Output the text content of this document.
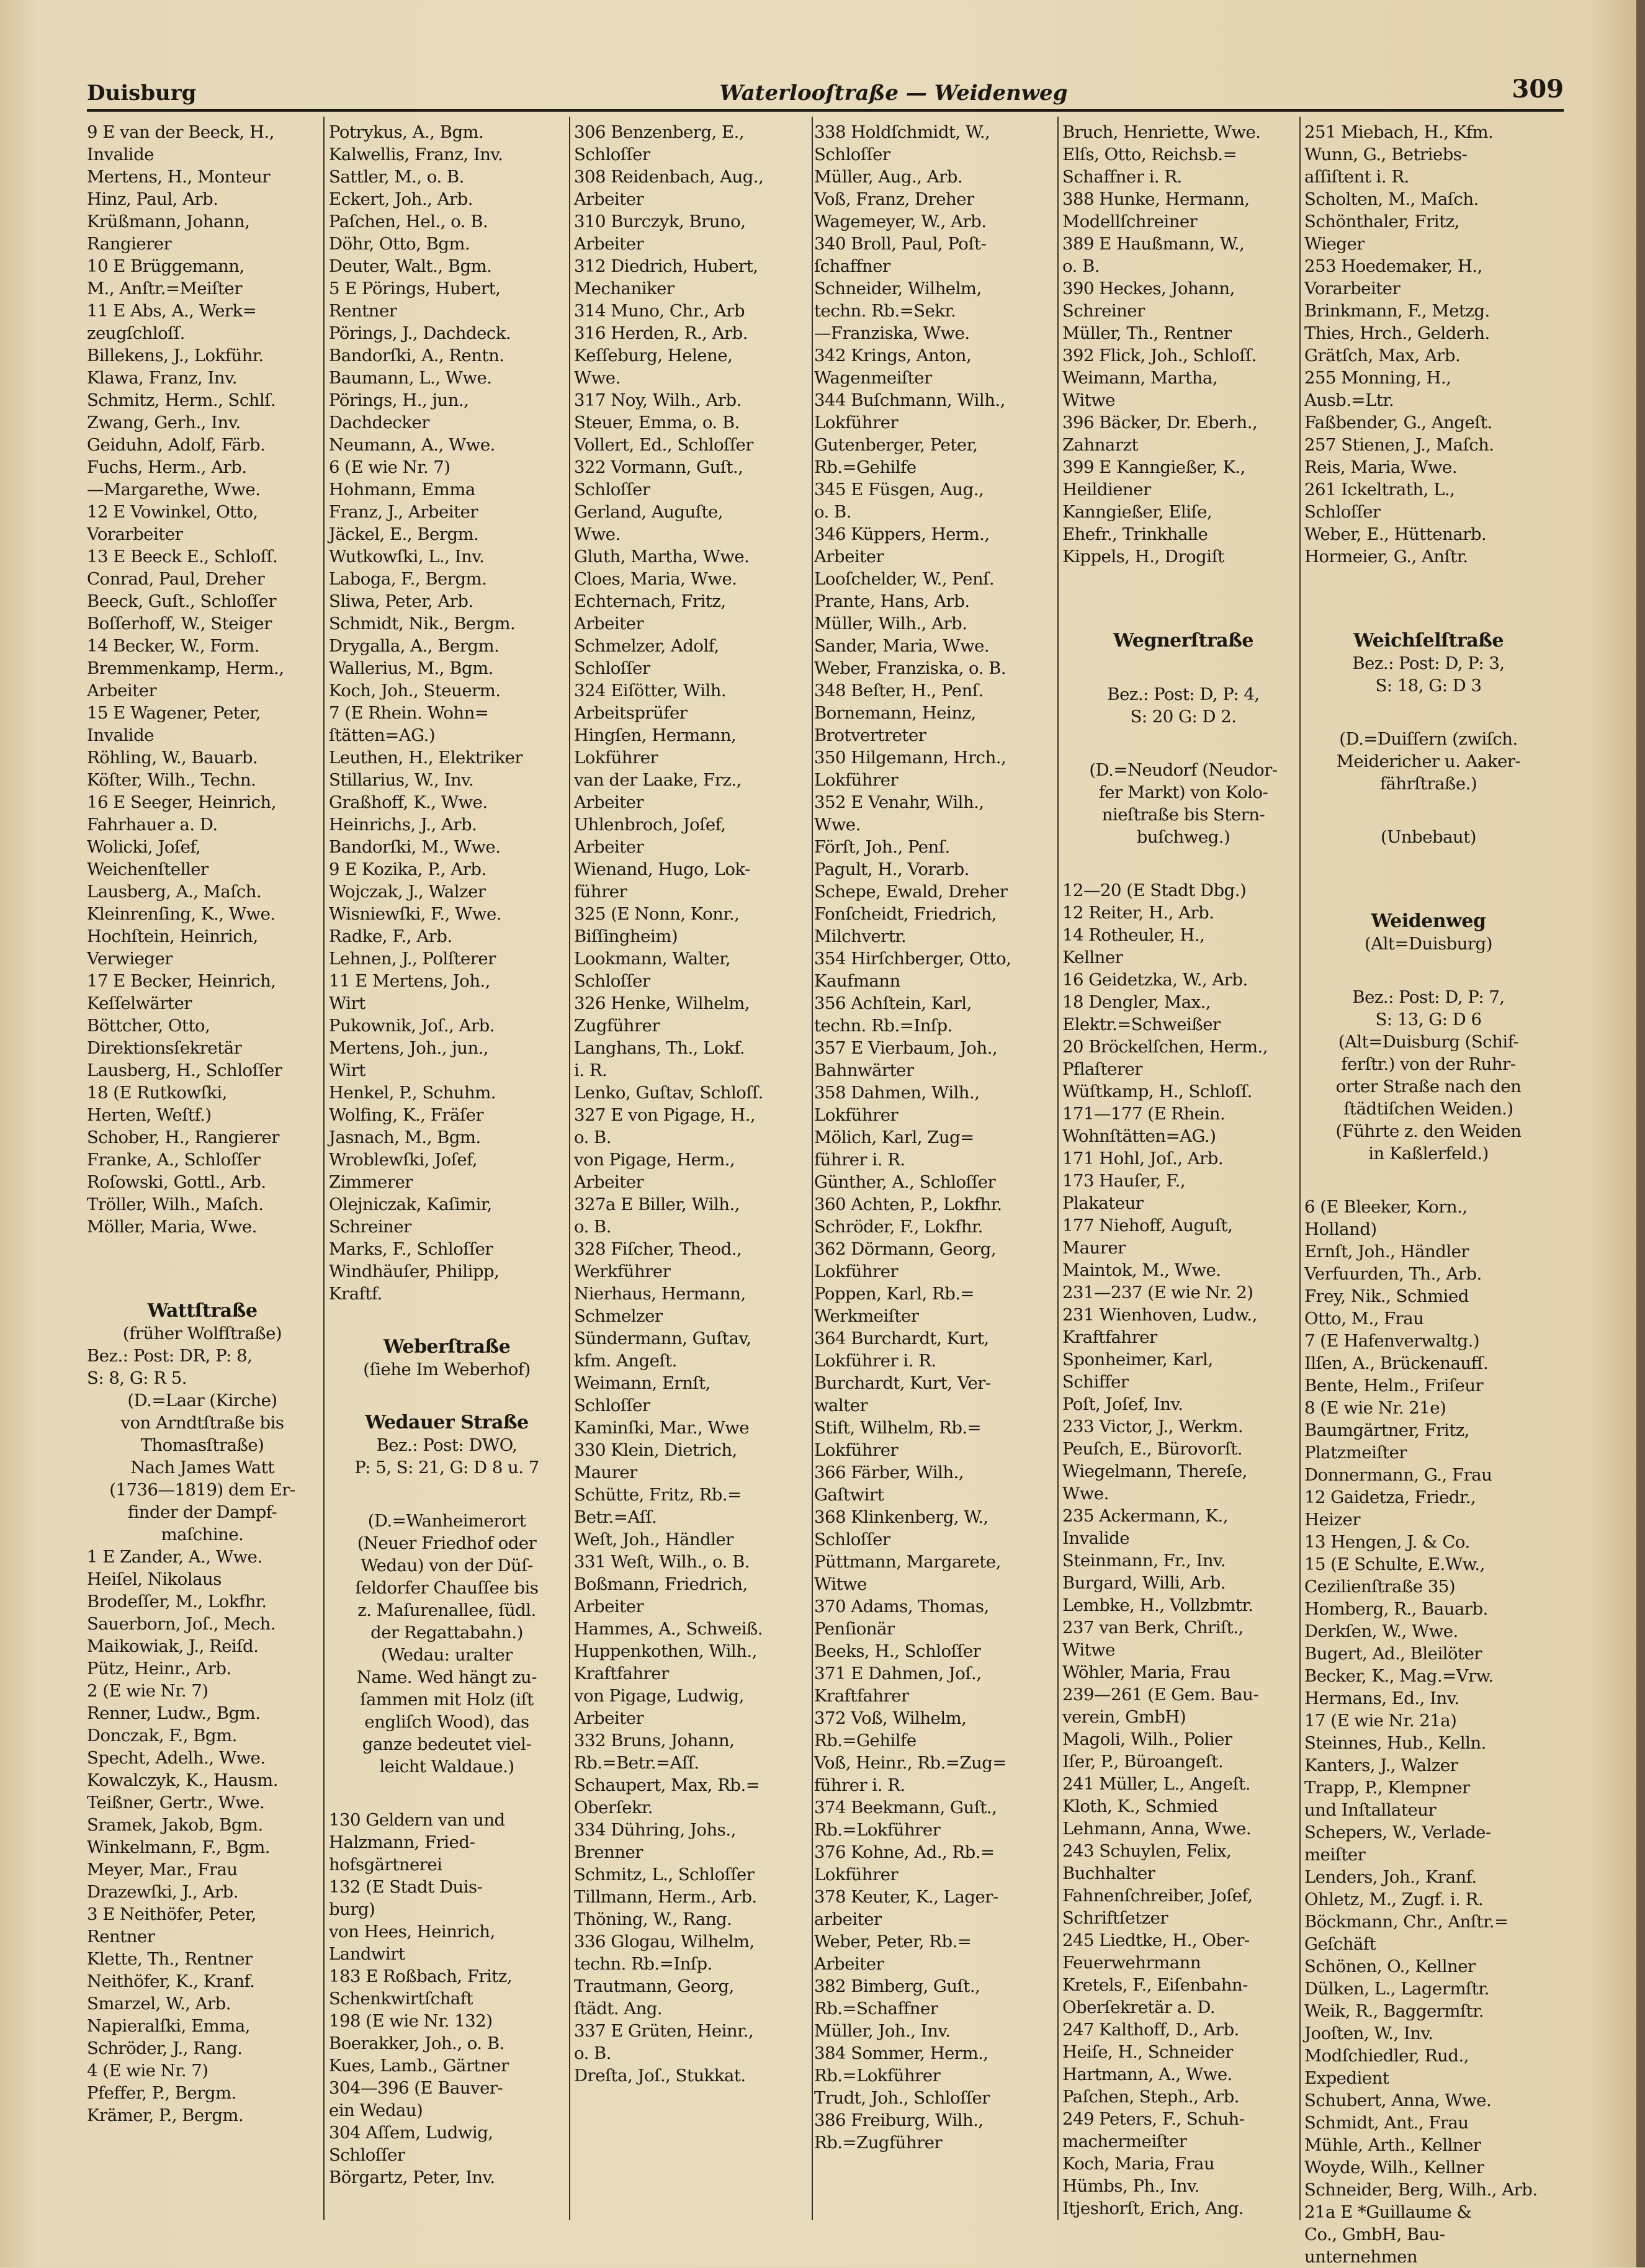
Duisburg	Waterlooſtraße — Weidenweg	309
9 E van der Beeck, H.,
Invalide
Mertens, H., Monteur
Hinz, Paul, Arb.
Krüßmann, Johann,
Rangierer
10 E Brüggemann,
M., Anſtr.=Meiſter
11 E Abs, A., Werk=
zeugſchloſſ.
Billekens, J., Lokführ.
Klawa, Franz, Inv.
Schmitz, Herm., Schlſ.
Zwang, Gerh., Inv.
Geiduhn, Adolf, Färb.
Fuchs, Herm., Arb.
—Margarethe, Wwe.
12 E Vowinkel, Otto,
Vorarbeiter
13 E Beeck E., Schloſſ.
Conrad, Paul, Dreher
Beeck, Guſt., Schloſſer
Boſſerhoff, W., Steiger
14 Becker, W., Form.
Bremmenkamp, Herm.,
Arbeiter
15 E Wagener, Peter,
Invalide
Röhling, W., Bauarb.
Köſter, Wilh., Techn.
16 E Seeger, Heinrich,
Fahrhauer a. D.
Wolicki, Joſef,
Weichenſteller
Lausberg, A., Maſch.
Kleinrenſing, K., Wwe.
Hochſtein, Heinrich,
Verwieger
17 E Becker, Heinrich,
Keſſelwärter
Böttcher, Otto,
Direktionsſekretär
Lausberg, H., Schloſſer
18 (E Rutkowſki,
Herten, Weſtf.)
Schober, H., Rangierer
Franke, A., Schloſſer
Roſowski, Gottl., Arb.
Tröller, Wilh., Maſch.
Möller, Maria, Wwe.
Wattſtraße
(früher Wolfſtraße)
Bez.: Post: DR, P: 8,
S: 8, G: R 5.
(D.=Laar (Kirche)
von Arndtſtraße bis
Thomasſtraße)
Nach James Watt
(1736—1819) dem Er-
finder der Dampf-
maſchine.
1 E Zander, A., Wwe.
Heiſel, Nikolaus
Brodeſſer, M., Lokfhr.
Sauerborn, Joſ., Mech.
Maikowiak, J., Reiſd.
Pütz, Heinr., Arb.
2 (E wie Nr. 7)
Renner, Ludw., Bgm.
Donczak, F., Bgm.
Specht, Adelh., Wwe.
Kowalczyk, K., Hausm.
Teißner, Gertr., Wwe.
Sramek, Jakob, Bgm.
Winkelmann, F., Bgm.
Meyer, Mar., Frau
Drazewſki, J., Arb.
3 E Neithöfer, Peter,
Rentner
Klette, Th., Rentner
Neithöfer, K., Kranf.
Smarzel, W., Arb.
Napieralſki, Emma,
Schröder, J., Rang.
4 (E wie Nr. 7)
Pfeffer, P., Bergm.
Krämer, P., Bergm.
Potrykus, A., Bgm.
Kalwellis, Franz, Inv.
Sattler, M., o. B.
Eckert, Joh., Arb.
Paſchen, Hel., o. B.
Döhr, Otto, Bgm.
Deuter, Walt., Bgm.
5 E Pörings, Hubert,
Rentner
Pörings, J., Dachdeck.
Bandorſki, A., Rentn.
Baumann, L., Wwe.
Pörings, H., jun.,
Dachdecker
Neumann, A., Wwe.
6 (E wie Nr. 7)
Hohmann, Emma
Franz, J., Arbeiter
Jäckel, E., Bergm.
Wutkowſki, L., Inv.
Laboga, F., Bergm.
Sliwa, Peter, Arb.
Schmidt, Nik., Bergm.
Drygalla, A., Bergm.
Wallerius, M., Bgm.
Koch, Joh., Steuerm.
7 (E Rhein. Wohn=
ſtätten=AG.)
Leuthen, H., Elektriker
Stillarius, W., Inv.
Graßhoff, K., Wwe.
Heinrichs, J., Arb.
Bandorſki, M., Wwe.
9 E Kozika, P., Arb.
Wojczak, J., Walzer
Wisniewſki, F., Wwe.
Radke, F., Arb.
Lehnen, J., Polſterer
11 E Mertens, Joh.,
Wirt
Pukownik, Joſ., Arb.
Mertens, Joh., jun.,
Wirt
Henkel, P., Schuhm.
Wolfing, K., Fräſer
Jasnach, M., Bgm.
Wroblewſki, Joſef,
Zimmerer
Olejniczak, Kaſimir,
Schreiner
Marks, F., Schloſſer
Windhäuſer, Philipp,
Kraftf.
Weberſtraße
(ſiehe Im Weberhof)
Wedauer Straße
Bez.: Post: DWO,
P: 5, S: 21, G: D 8 u. 7
(D.=Wanheimerort
(Neuer Friedhof oder
Wedau) von der Düſ-
ſeldorfer Chauſſee bis
z. Maſurenallee, ſüdl.
der Regattabahn.)
(Wedau: uralter
Name. Wed hängt zu-
ſammen mit Holz (iſt
engliſch Wood), das
ganze bedeutet viel-
leicht Waldaue.)
130 Geldern van und
Halzmann, Fried-
hofsgärtnerei
132 (E Stadt Duis-
burg)
von Hees, Heinrich,
Landwirt
183 E Roßbach, Fritz,
Schenkwirtſchaft
198 (E wie Nr. 132)
Boerakker, Joh., o. B.
Kues, Lamb., Gärtner
304—396 (E Bauver-
ein Wedau)
304 Aſſem, Ludwig,
Schloſſer
Börgartz, Peter, Inv.
306 Benzenberg, E.,
Schloſſer
308 Reidenbach, Aug.,
Arbeiter
310 Burczyk, Bruno,
Arbeiter
312 Diedrich, Hubert,
Mechaniker
314 Muno, Chr., Arb
316 Herden, R., Arb.
Keſſeburg, Helene,
Wwe.
317 Noy, Wilh., Arb.
Steuer, Emma, o. B.
Vollert, Ed., Schloſſer
322 Vormann, Guſt.,
Schloſſer
Gerland, Auguſte,
Wwe.
Gluth, Martha, Wwe.
Cloes, Maria, Wwe.
Echternach, Fritz,
Arbeiter
Schmelzer, Adolf,
Schloſſer
324 Eiſötter, Wilh.
Arbeitsprüfer
Hingſen, Hermann,
Lokführer
van der Laake, Frz.,
Arbeiter
Uhlenbroch, Joſef,
Arbeiter
Wienand, Hugo, Lok-
führer
325 (E Nonn, Konr.,
Biſſingheim)
Lookmann, Walter,
Schloſſer
326 Henke, Wilhelm,
Zugführer
Langhans, Th., Lokf.
i. R.
Lenko, Guſtav, Schloſſ.
327 E von Pigage, H.,
o. B.
von Pigage, Herm.,
Arbeiter
327a E Biller, Wilh.,
o. B.
328 Fiſcher, Theod.,
Werkführer
Nierhaus, Hermann,
Schmelzer
Sündermann, Guſtav,
kfm. Angeſt.
Weimann, Ernſt,
Schloſſer
Kaminſki, Mar., Wwe
330 Klein, Dietrich,
Maurer
Schütte, Fritz, Rb.=
Betr.=Aſſ.
Weſt, Joh., Händler
331 Weſt, Wilh., o. B.
Boßmann, Friedrich,
Arbeiter
Hammes, A., Schweiß.
Huppenkothen, Wilh.,
Kraftfahrer
von Pigage, Ludwig,
Arbeiter
332 Bruns, Johann,
Rb.=Betr.=Aſſ.
Schaupert, Max, Rb.=
Oberſekr.
334 Dühring, Johs.,
Brenner
Schmitz, L., Schloſſer
Tillmann, Herm., Arb.
Thöning, W., Rang.
336 Glogau, Wilhelm,
techn. Rb.=Inſp.
Trautmann, Georg,
ſtädt. Ang.
337 E Grüten, Heinr.,
o. B.
Dreſta, Joſ., Stukkat.
338 Holdſchmidt, W.,
Schloſſer
Müller, Aug., Arb.
Voß, Franz, Dreher
Wagemeyer, W., Arb.
340 Broll, Paul, Poſt-
ſchaffner
Schneider, Wilhelm,
techn. Rb.=Sekr.
—Franziska, Wwe.
342 Krings, Anton,
Wagenmeiſter
344 Buſchmann, Wilh.,
Lokführer
Gutenberger, Peter,
Rb.=Gehilfe
345 E Füsgen, Aug.,
o. B.
346 Küppers, Herm.,
Arbeiter
Looſchelder, W., Penſ.
Prante, Hans, Arb.
Müller, Wilh., Arb.
Sander, Maria, Wwe.
Weber, Franziska, o. B.
348 Beſter, H., Penſ.
Bornemann, Heinz,
Brotvertreter
350 Hilgemann, Hrch.,
Lokführer
352 E Venahr, Wilh.,
Wwe.
Förſt, Joh., Penſ.
Pagult, H., Vorarb.
Schepe, Ewald, Dreher
Fonſcheidt, Friedrich,
Milchvertr.
354 Hirſchberger, Otto,
Kaufmann
356 Achſtein, Karl,
techn. Rb.=Inſp.
357 E Vierbaum, Joh.,
Bahnwärter
358 Dahmen, Wilh.,
Lokführer
Mölich, Karl, Zug=
führer i. R.
Günther, A., Schloſſer
360 Achten, P., Lokfhr.
Schröder, F., Lokfhr.
362 Dörmann, Georg,
Lokführer
Poppen, Karl, Rb.=
Werkmeiſter
364 Burchardt, Kurt,
Lokführer i. R.
Burchardt, Kurt, Ver-
walter
Stift, Wilhelm, Rb.=
Lokführer
366 Färber, Wilh.,
Gaſtwirt
368 Klinkenberg, W.,
Schloſſer
Püttmann, Margarete,
Witwe
370 Adams, Thomas,
Penſionär
Beeks, H., Schloſſer
371 E Dahmen, Joſ.,
Kraftfahrer
372 Voß, Wilhelm,
Rb.=Gehilfe
Voß, Heinr., Rb.=Zug=
führer i. R.
374 Beekmann, Guſt.,
Rb.=Lokführer
376 Kohne, Ad., Rb.=
Lokführer
378 Keuter, K., Lager-
arbeiter
Weber, Peter, Rb.=
Arbeiter
382 Bimberg, Guſt.,
Rb.=Schaffner
Müller, Joh., Inv.
384 Sommer, Herm.,
Rb.=Lokführer
Trudt, Joh., Schloſſer
386 Freiburg, Wilh.,
Rb.=Zugführer
Bruch, Henriette, Wwe.
Elſs, Otto, Reichsb.=
Schaffner i. R.
388 Hunke, Hermann,
Modellſchreiner
389 E Haußmann, W.,
o. B.
390 Heckes, Johann,
Schreiner
Müller, Th., Rentner
392 Flick, Joh., Schloſſ.
Weimann, Martha,
Witwe
396 Bäcker, Dr. Eberh.,
Zahnarzt
399 E Kanngießer, K.,
Heildiener
Kanngießer, Eliſe,
Ehefr., Trinkhalle
Kippels, H., Drogiſt
Wegnerſtraße
Bez.: Post: D, P: 4,
S: 20 G: D 2.
(D.=Neudorf (Neudor-
fer Markt) von Kolo-
nieſtraße bis Stern-
buſchweg.)
12—20 (E Stadt Dbg.)
12 Reiter, H., Arb.
14 Rotheuler, H.,
Kellner
16 Geidetzka, W., Arb.
18 Dengler, Max.,
Elektr.=Schweißer
20 Bröckelſchen, Herm.,
Pflaſterer
Wüſtkamp, H., Schloſſ.
171—177 (E Rhein.
Wohnſtätten=AG.)
171 Hohl, Joſ., Arb.
173 Hauſer, F.,
Plakateur
177 Niehoff, Auguſt,
Maurer
Maintok, M., Wwe.
231—237 (E wie Nr. 2)
231 Wienhoven, Ludw.,
Kraftfahrer
Sponheimer, Karl,
Schiffer
Poſt, Joſef, Inv.
233 Victor, J., Werkm.
Peuſch, E., Bürovorſt.
Wiegelmann, Thereſe,
Wwe.
235 Ackermann, K.,
Invalide
Steinmann, Fr., Inv.
Burgard, Willi, Arb.
Lembke, H., Vollzbmtr.
237 van Berk, Chriſt.,
Witwe
Wöhler, Maria, Frau
239—261 (E Gem. Bau-
verein, GmbH)
Magoli, Wilh., Polier
Iſer, P., Büroangeſt.
241 Müller, L., Angeſt.
Kloth, K., Schmied
Lehmann, Anna, Wwe.
243 Schuylen, Felix,
Buchhalter
Fahnenſchreiber, Joſef,
Schriftſetzer
245 Liedtke, H., Ober-
Feuerwehrmann
Kretels, F., Eiſenbahn-
Oberſekretär a. D.
247 Kalthoff, D., Arb.
Heiſe, H., Schneider
Hartmann, A., Wwe.
Paſchen, Steph., Arb.
249 Peters, F., Schuh-
machermeiſter
Koch, Maria, Frau
Hümbs, Ph., Inv.
Itjeshorſt, Erich, Ang.
251 Miebach, H., Kfm.
Wunn, G., Betriebs-
aſſiſtent i. R.
Scholten, M., Maſch.
Schönthaler, Fritz,
Wieger
253 Hoedemaker, H.,
Vorarbeiter
Brinkmann, F., Metzg.
Thies, Hrch., Gelderh.
Grätſch, Max, Arb.
255 Monning, H.,
Ausb.=Ltr.
Faßbender, G., Angeſt.
257 Stienen, J., Maſch.
Reis, Maria, Wwe.
261 Ickeltrath, L.,
Schloſſer
Weber, E., Hüttenarb.
Hormeier, G., Anſtr.
Weichſelſtraße
Bez.: Post: D, P: 3,
S: 18, G: D 3
(D.=Duiſſern (zwiſch.
Meidericher u. Aaker-
fährſtraße.)
(Unbebaut)
Weidenweg
(Alt=Duisburg)
Bez.: Post: D, P: 7,
S: 13, G: D 6
(Alt=Duisburg (Schif-
ferſtr.) von der Ruhr-
orter Straße nach den
ſtädtiſchen Weiden.)
(Führte z. den Weiden
in Kaßlerfeld.)
6 (E Bleeker, Korn.,
Holland)
Ernſt, Joh., Händler
Verfuurden, Th., Arb.
Frey, Nik., Schmied
Otto, M., Frau
7 (E Hafenverwaltg.)
Ilſen, A., Brückenaufſ.
Bente, Helm., Friſeur
8 (E wie Nr. 21e)
Baumgärtner, Fritz,
Platzmeiſter
Donnermann, G., Frau
12 Gaidetza, Friedr.,
Heizer
13 Hengen, J. & Co.
15 (E Schulte, E.Ww.,
Cezilienſtraße 35)
Homberg, R., Bauarb.
Derkſen, W., Wwe.
Bugert, Ad., Bleilöter
Becker, K., Mag.=Vrw.
Hermans, Ed., Inv.
17 (E wie Nr. 21a)
Steinnes, Hub., Kelln.
Kanters, J., Walzer
Trapp, P., Klempner
und Inſtallateur
Schepers, W., Verlade-
meiſter
Lenders, Joh., Kranf.
Ohletz, M., Zugf. i. R.
Böckmann, Chr., Anſtr.=
Geſchäft
Schönen, O., Kellner
Dülken, L., Lagermſtr.
Weik, R., Baggermſtr.
Jooſten, W., Inv.
Modſchiedler, Rud.,
Expedient
Schubert, Anna, Wwe.
Schmidt, Ant., Frau
Mühle, Arth., Kellner
Woyde, Wilh., Kellner
Schneider, Berg, Wilh., Arb.
21a E *Guillaume &
Co., GmbH, Bau-
unternehmen
